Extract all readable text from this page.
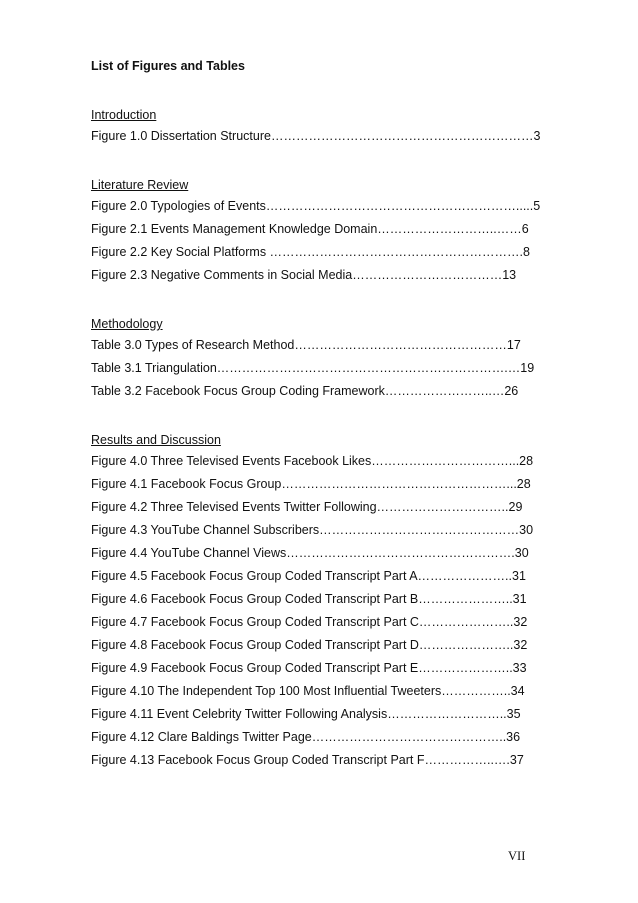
List of Figures and Tables
Introduction
Figure 1.0 Dissertation Structure………………………………………………………3
Literature Review
Figure 2.0 Typologies of Events…………………………………………………….....5
Figure 2.1 Events Management Knowledge Domain………………………..……6
Figure 2.2 Key Social Platforms …………………………………………………….8
Figure 2.3 Negative Comments in Social Media………………………………13
Methodology
Table 3.0 Types of Research Method……………………………………………17
Table 3.1 Triangulation…………………………………………………………….…19
Table 3.2 Facebook Focus Group Coding Framework……………………..…26
Results and Discussion
Figure 4.0 Three Televised Events Facebook Likes……………………………...28
Figure 4.1 Facebook Focus Group………………………………………………...28
Figure 4.2 Three Televised Events Twitter Following…………………………..29
Figure 4.3 YouTube Channel Subscribers…………………………………………30
Figure 4.4 YouTube Channel Views……………………………………………….30
Figure 4.5 Facebook Focus Group Coded Transcript Part A…………………..31
Figure 4.6 Facebook Focus Group Coded Transcript Part B…………………..31
Figure 4.7 Facebook Focus Group Coded Transcript Part C…………………..32
Figure 4.8 Facebook Focus Group Coded Transcript Part D…………………..32
Figure 4.9 Facebook Focus Group Coded Transcript Part E…………………..33
Figure 4.10 The Independent Top 100 Most Influential Tweeters……………..34
Figure 4.11 Event Celebrity Twitter Following Analysis………………………..35
Figure 4.12 Clare Baldings Twitter Page………………………………………..36
Figure 4.13 Facebook Focus Group Coded Transcript Part F……………..….37
VII
